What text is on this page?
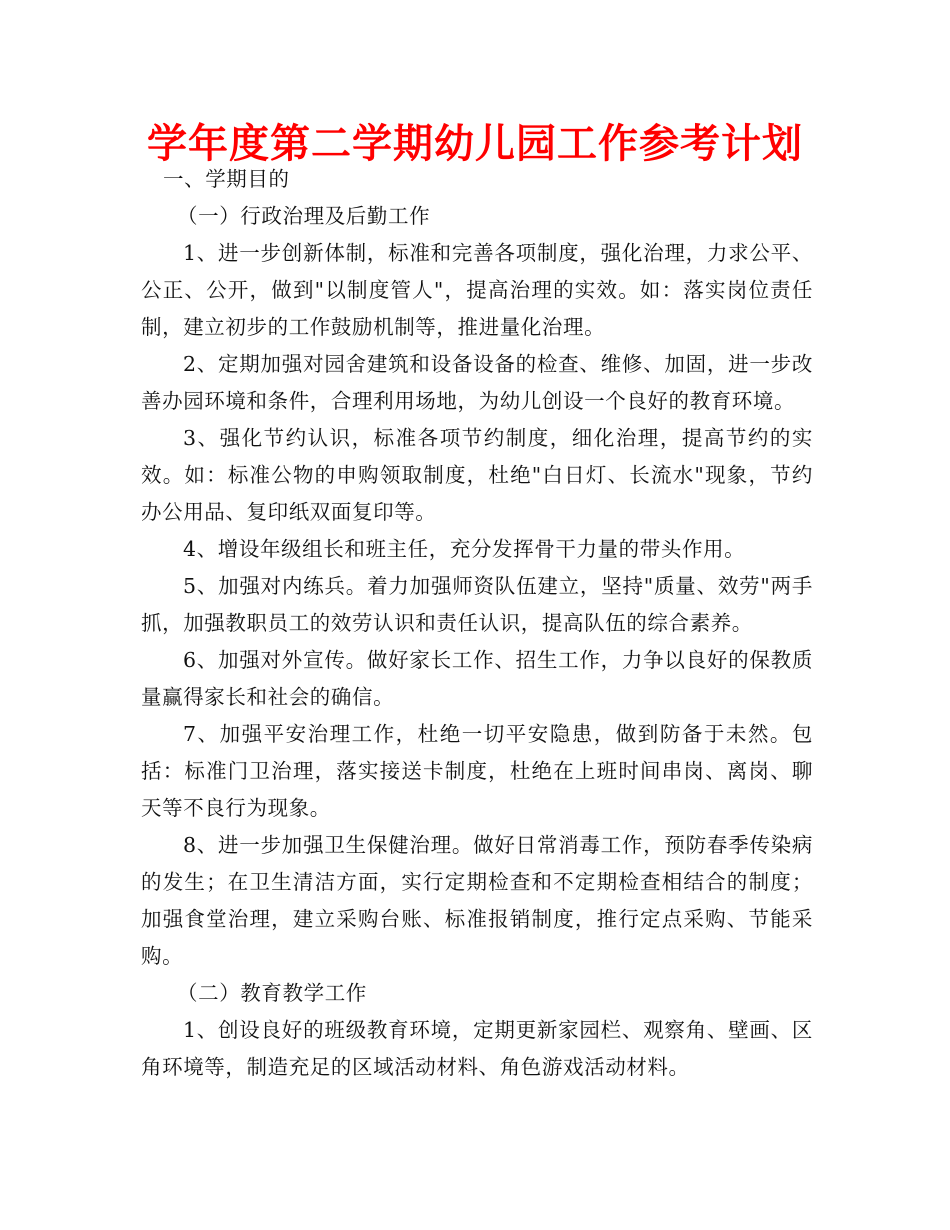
学年度第二学期幼儿园工作参考计划

一、学期目的

（一）行政治理及后勤工作

1、进一步创新体制，标准和完善各项制度，强化治理，力求公平、公正、公开，做到"以制度管人"，提高治理的实效。如：落实岗位责任制，建立初步的工作鼓励机制等，推进量化治理。

2、定期加强对园舍建筑和设备设备的检查、维修、加固，进一步改善办园环境和条件，合理利用场地，为幼儿创设一个良好的教育环境。

3、强化节约认识，标准各项节约制度，细化治理，提高节约的实效。如：标准公物的申购领取制度，杜绝"白日灯、长流水"现象，节约办公用品、复印纸双面复印等。

4、增设年级组长和班主任，充分发挥骨干力量的带头作用。

5、加强对内练兵。着力加强师资队伍建立，坚持"质量、效劳"两手抓，加强教职员工的效劳认识和责任认识，提高队伍的综合素养。

6、加强对外宣传。做好家长工作、招生工作，力争以良好的保教质量赢得家长和社会的确信。

7、加强平安治理工作，杜绝一切平安隐患，做到防备于未然。包括：标准门卫治理，落实接送卡制度，杜绝在上班时间串岗、离岗、聊天等不良行为现象。

8、进一步加强卫生保健治理。做好日常消毒工作，预防春季传染病的发生；在卫生清洁方面，实行定期检查和不定期检查相结合的制度；加强食堂治理，建立采购台账、标准报销制度，推行定点采购、节能采购。

（二）教育教学工作

1、创设良好的班级教育环境，定期更新家园栏、观察角、壁画、区角环境等，制造充足的区域活动材料、角色游戏活动材料。
